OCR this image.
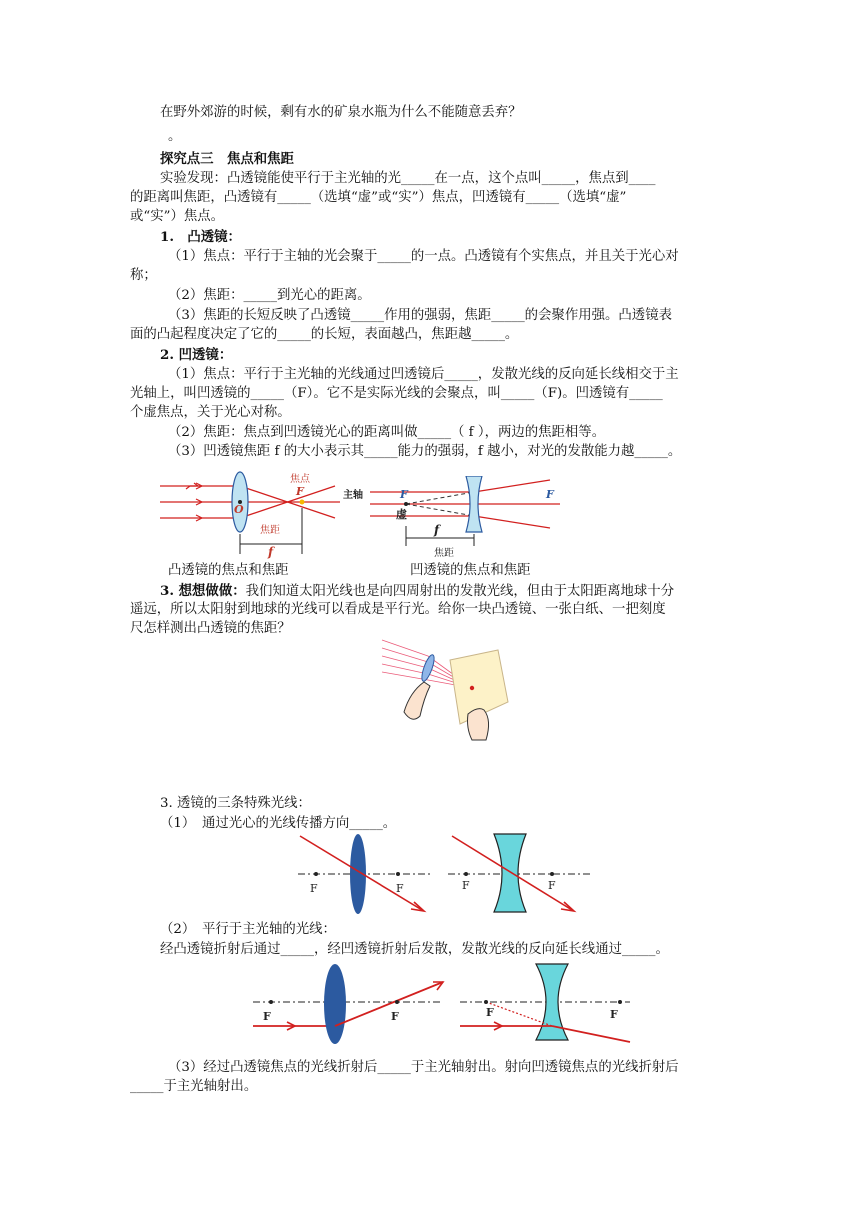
在野外郊游的时候，剩有水的矿泉水瓶为什么不能随意丢弃？
。
探究点三　焦点和焦距
实验发现：凸透镜能使平行于主光轴的光_____在一点，这个点叫_____，焦点到____
的距离叫焦距，凸透镜有_____（选填“虚”或“实”）焦点，凹透镜有_____（选填“虚”
或“实”）焦点。
1.　凸透镜：
（1）焦点：平行于主轴的光会聚于_____的一点。凸透镜有个实焦点，并且关于光心对
称；
（2）焦距：_____到光心的距离。
（3）焦距的长短反映了凸透镜_____作用的强弱，焦距_____的会聚作用强。凸透镜表
面的凸起程度决定了它的_____的长短，表面越凸，焦距越_____。
2. 凹透镜：
（1）焦点：平行于主光轴的光线通过凹透镜后_____，发散光线的反向延长线相交于主
光轴上，叫凹透镜的_____（F）。它不是实际光线的会聚点，叫_____（F)。凹透镜有_____
个虚焦点，关于光心对称。
（2）焦距：焦点到凹透镜光心的距离叫做_____（ f ），两边的焦距相等。
（3）凹透镜焦距 f 的大小表示其_____能力的强弱，f 越小，对光的发散能力越_____。
焦点
F
O
主轴
焦距
f
F	F
虚
f
焦距
凸透镜的焦点和焦距	凹透镜的焦点和焦距
3. 想想做做：我们知道太阳光线也是向四周射出的发散光线，但由于太阳距离地球十分
遥远，所以太阳射到地球的光线可以看成是平行光。给你一块凸透镜、一张白纸、一把刻度
尺怎样测出凸透镜的焦距？
3. 透镜的三条特殊光线：
（1）　通过光心的光线传播方向_____。
F	F	F	F
（2）　平行于主光轴的光线：
经凸透镜折射后通过_____，经凹透镜折射后发散，发散光线的反向延长线通过_____。
F	F	F	F
（3）经过凸透镜焦点的光线折射后_____于主光轴射出。射向凹透镜焦点的光线折射后
_____于主光轴射出。
